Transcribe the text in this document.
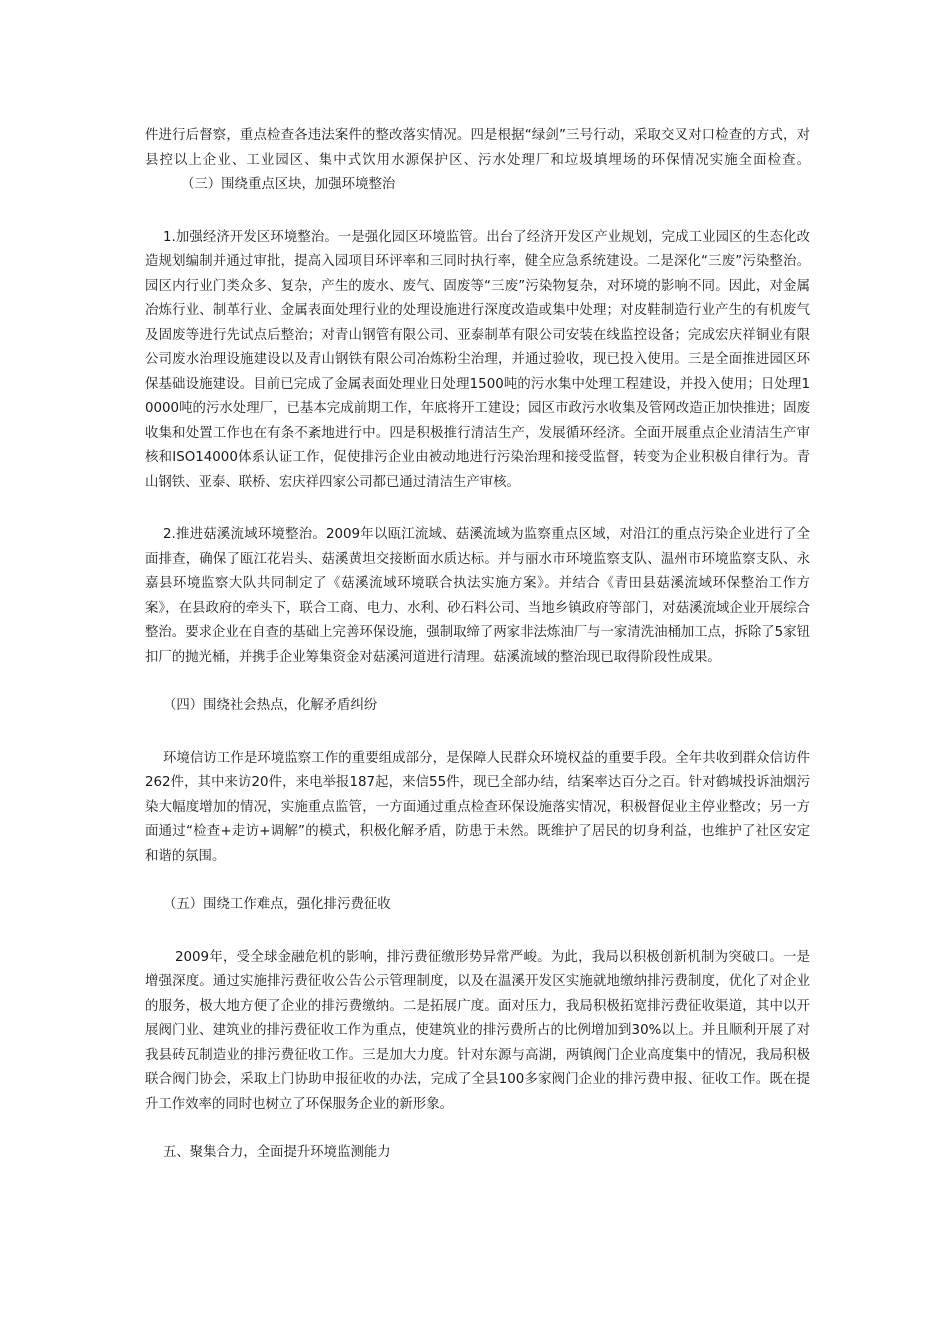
件进行后督察，重点检查各违法案件的整改落实情况。四是根据“绿剑”三号行动，采取交叉对口检查的方式，对县控以上企业、工业园区、集中式饮用水源保护区、污水处理厂和垃圾填埋场的环保情况实施全面检查。（三）围绕重点区块，加强环境整治

1.加强经济开发区环境整治。一是强化园区环境监管。出台了经济开发区产业规划，完成工业园区的生态化改造规划编制并通过审批，提高入园项目环评率和三同时执行率，健全应急系统建设。二是深化“三废”污染整治。园区内行业门类众多、复杂，产生的废水、废气、固废等“三废”污染物复杂，对环境的影响不同。因此，对金属冶炼行业、制革行业、金属表面处理行业的处理设施进行深度改造或集中处理；对皮鞋制造行业产生的有机废气及固废等进行先试点后整治；对青山钢管有限公司、亚泰制革有限公司安装在线监控设备；完成宏庆祥铜业有限公司废水治理设施建设以及青山钢铁有限公司冶炼粉尘治理，并通过验收，现已投入使用。三是全面推进园区环保基础设施建设。目前已完成了金属表面处理业日处理1500吨的污水集中处理工程建设，并投入使用；日处理10000吨的污水处理厂，已基本完成前期工作，年底将开工建设；园区市政污水收集及管网改造正加快推进；固废收集和处置工作也在有条不紊地进行中。四是积极推行清洁生产，发展循环经济。全面开展重点企业清洁生产审核和ISO14000体系认证工作，促使排污企业由被动地进行污染治理和接受监督，转变为企业积极自律行为。青山钢铁、亚泰、联桥、宏庆祥四家公司都已通过清洁生产审核。

2.推进菇溪流域环境整治。2009年以瓯江流域、菇溪流域为监察重点区域，对沿江的重点污染企业进行了全面排查，确保了瓯江花岩头、菇溪黄坦交接断面水质达标。并与丽水市环境监察支队、温州市环境监察支队、永嘉县环境监察大队共同制定了《菇溪流域环境联合执法实施方案》。并结合《青田县菇溪流域环保整治工作方案》，在县政府的牵头下，联合工商、电力、水利、砂石料公司、当地乡镇政府等部门，对菇溪流域企业开展综合整治。要求企业在自查的基础上完善环保设施，强制取缔了两家非法炼油厂与一家清洗油桶加工点，拆除了5家钮扣厂的抛光桶，并携手企业筹集资金对菇溪河道进行清理。菇溪流域的整治现已取得阶段性成果。

（四）围绕社会热点，化解矛盾纠纷

环境信访工作是环境监察工作的重要组成部分，是保障人民群众环境权益的重要手段。全年共收到群众信访件262件，其中来访20件，来电举报187起，来信55件，现已全部办结，结案率达百分之百。针对鹤城投诉油烟污染大幅度增加的情况，实施重点监管，一方面通过重点检查环保设施落实情况，积极督促业主停业整改；另一方面通过“检查+走访+调解”的模式，积极化解矛盾，防患于未然。既维护了居民的切身利益，也维护了社区安定和谐的氛围。

（五）围绕工作难点，强化排污费征收

2009年，受全球金融危机的影响，排污费征缴形势异常严峻。为此，我局以积极创新机制为突破口。一是增强深度。通过实施排污费征收公告公示管理制度，以及在温溪开发区实施就地缴纳排污费制度，优化了对企业的服务，极大地方便了企业的排污费缴纳。二是拓展广度。面对压力，我局积极拓宽排污费征收渠道，其中以开展阀门业、建筑业的排污费征收工作为重点，使建筑业的排污费所占的比例增加到30%以上。并且顺利开展了对我县砖瓦制造业的排污费征收工作。三是加大力度。针对东源与高湖，两镇阀门企业高度集中的情况，我局积极联合阀门协会，采取上门协助申报征收的办法，完成了全县100多家阀门企业的排污费申报、征收工作。既在提升工作效率的同时也树立了环保服务企业的新形象。

五、聚集合力，全面提升环境监测能力
